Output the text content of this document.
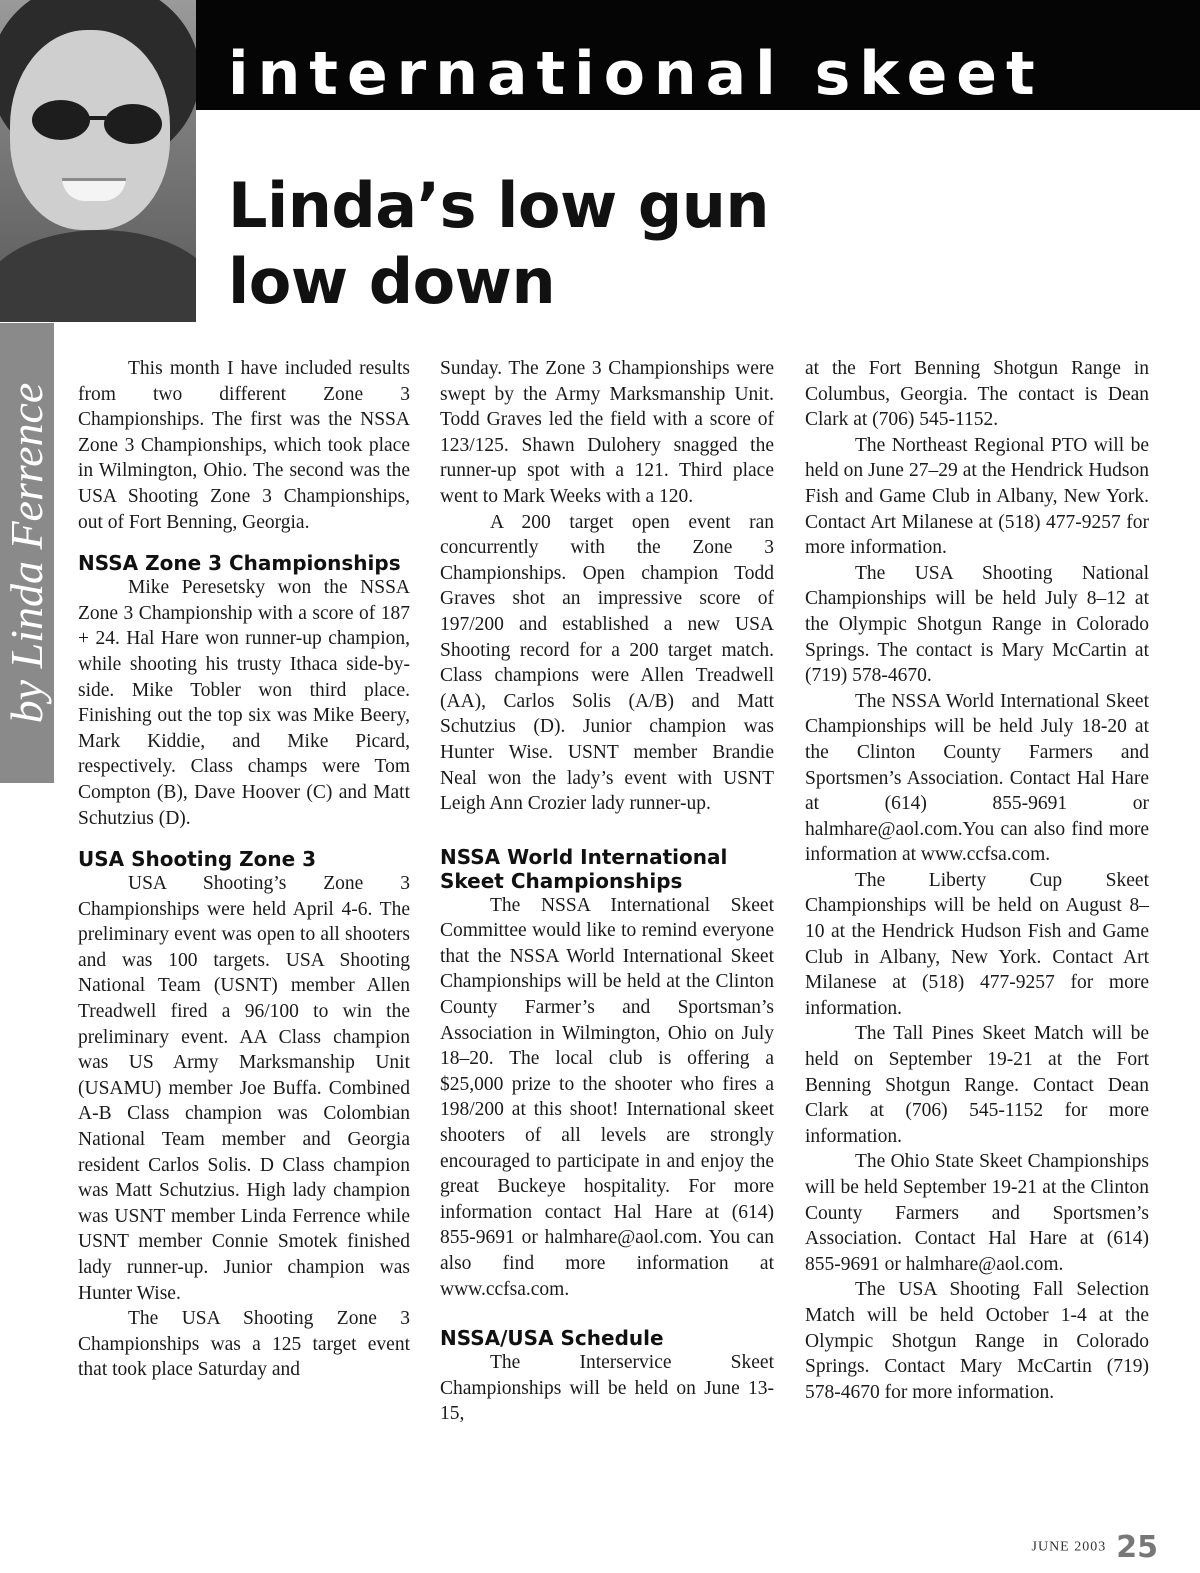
international skeet
by Linda Ferrence
Linda’s low gun
low down

This month I have included results from two different Zone 3 Championships. The first was the NSSA Zone 3 Championships, which took place in Wilmington, Ohio. The second was the USA Shooting Zone 3 Championships, out of Fort Benning, Georgia.

NSSA Zone 3 Championships

Mike Peresetsky won the NSSA Zone 3 Championship with a score of 187 + 24. Hal Hare won runner-up champion, while shooting his trusty Ithaca side-by-side. Mike Tobler won third place. Finishing out the top six was Mike Beery, Mark Kiddie, and Mike Picard, respectively. Class champs were Tom Compton (B), Dave Hoover (C) and Matt Schutzius (D).

USA Shooting Zone 3

USA Shooting’s Zone 3 Championships were held April 4-6. The preliminary event was open to all shooters and was 100 targets. USA Shooting National Team (USNT) member Allen Treadwell fired a 96/100 to win the preliminary event. AA Class champion was US Army Marksmanship Unit (USAMU) member Joe Buffa. Combined A-B Class champion was Colombian National Team member and Georgia resident Carlos Solis. D Class champion was Matt Schutzius. High lady champion was USNT member Linda Ferrence while USNT member Connie Smotek finished lady runner-up. Junior champion was Hunter Wise.

The USA Shooting Zone 3 Championships was a 125 target event that took place Saturday and

Sunday. The Zone 3 Championships were swept by the Army Marksmanship Unit. Todd Graves led the field with a score of 123/125. Shawn Dulohery snagged the runner-up spot with a 121. Third place went to Mark Weeks with a 120.

A 200 target open event ran concurrently with the Zone 3 Championships. Open champion Todd Graves shot an impressive score of 197/200 and established a new USA Shooting record for a 200 target match. Class champions were Allen Treadwell (AA), Carlos Solis (A/B) and Matt Schutzius (D). Junior champion was Hunter Wise. USNT member Brandie Neal won the lady’s event with USNT Leigh Ann Crozier lady runner-up.

NSSA World International Skeet Championships

The NSSA International Skeet Committee would like to remind everyone that the NSSA World International Skeet Championships will be held at the Clinton County Farmer’s and Sportsman’s Association in Wilmington, Ohio on July 18–20. The local club is offering a $25,000 prize to the shooter who fires a 198/200 at this shoot! International skeet shooters of all levels are strongly encouraged to participate in and enjoy the great Buckeye hospitality. For more information contact Hal Hare at (614) 855-9691 or halmhare@aol.com. You can also find more information at www.ccfsa.com.

NSSA/USA Schedule

The Interservice Skeet Championships will be held on June 13-15,

at the Fort Benning Shotgun Range in Columbus, Georgia. The contact is Dean Clark at (706) 545-1152.

The Northeast Regional PTO will be held on June 27–29 at the Hendrick Hudson Fish and Game Club in Albany, New York. Contact Art Milanese at (518) 477-9257 for more information.

The USA Shooting National Championships will be held July 8–12 at the Olympic Shotgun Range in Colorado Springs. The contact is Mary McCartin at (719) 578-4670.

The NSSA World International Skeet Championships will be held July 18-20 at the Clinton County Farmers and Sportsmen’s Association. Contact Hal Hare at (614) 855-9691 or halmhare@aol.com.You can also find more information at www.ccfsa.com.

The Liberty Cup Skeet Championships will be held on August 8–10 at the Hendrick Hudson Fish and Game Club in Albany, New York. Contact Art Milanese at (518) 477-9257 for more information.

The Tall Pines Skeet Match will be held on September 19-21 at the Fort Benning Shotgun Range. Contact Dean Clark at (706) 545-1152 for more information.

The Ohio State Skeet Championships will be held September 19-21 at the Clinton County Farmers and Sportsmen’s Association. Contact Hal Hare at (614) 855-9691 or halmhare@aol.com.

The USA Shooting Fall Selection Match will be held October 1-4 at the Olympic Shotgun Range in Colorado Springs. Contact Mary McCartin (719) 578-4670 for more information.

JUNE 2003 25
